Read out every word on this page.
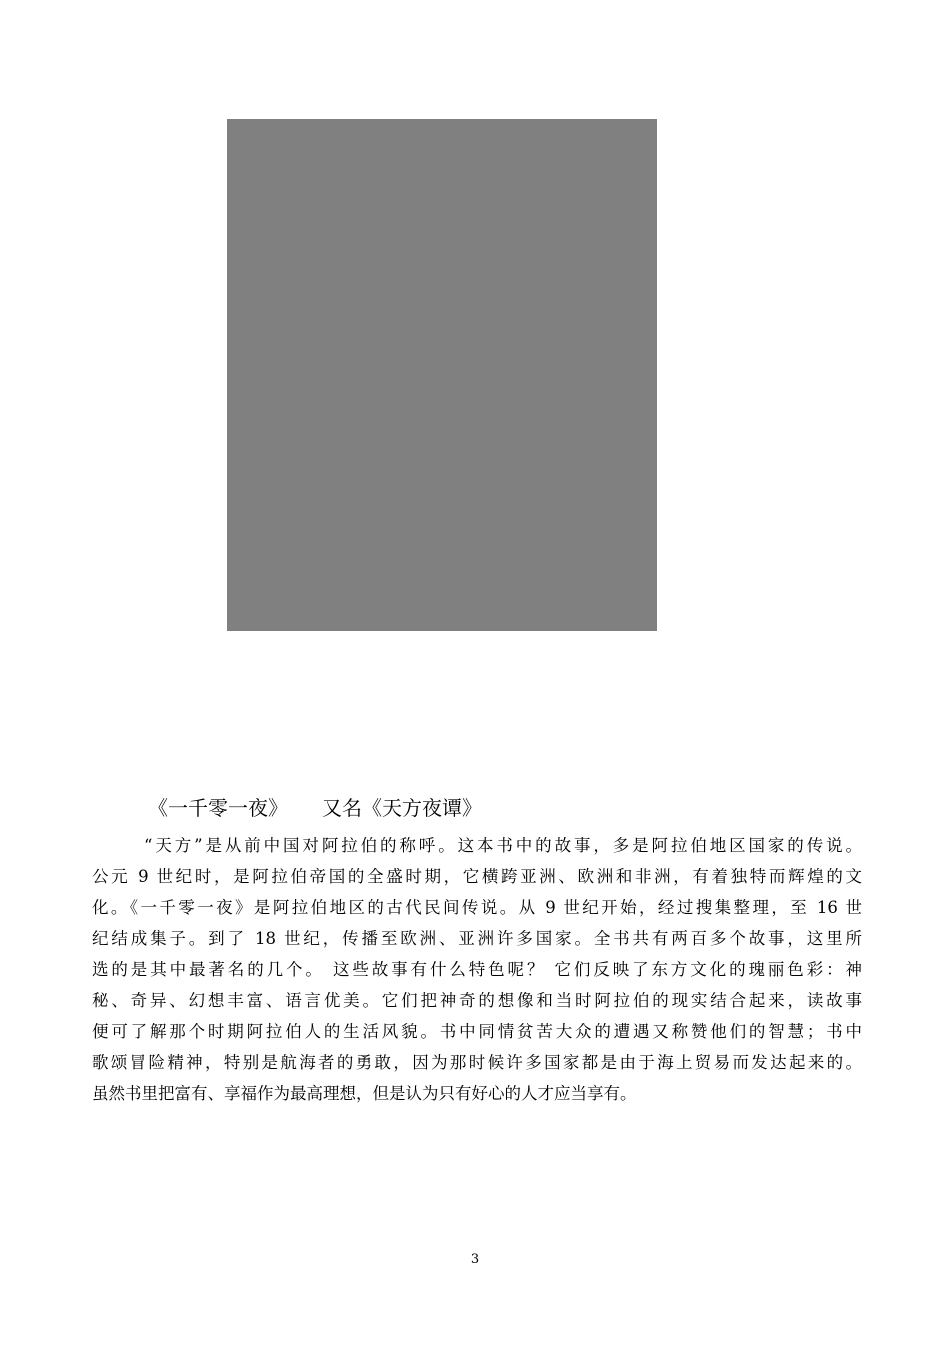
《一千零一夜》 又名《天方夜谭》
“天方”是从前中国对阿拉伯的称呼。这本书中的故事，多是阿拉伯地区国家的传说。
公元 9 世纪时，是阿拉伯帝国的全盛时期，它横跨亚洲、欧洲和非洲，有着独特而辉煌的文
化。《一千零一夜》是阿拉伯地区的古代民间传说。从 9 世纪开始，经过搜集整理，至 16 世
纪结成集子。到了 18 世纪，传播至欧洲、亚洲许多国家。全书共有两百多个故事，这里所
选的是其中最著名的几个。 这些故事有什么特色呢？ 它们反映了东方文化的瑰丽色彩：神
秘、奇异、幻想丰富、语言优美。它们把神奇的想像和当时阿拉伯的现实结合起来，读故事
便可了解那个时期阿拉伯人的生活风貌。书中同情贫苦大众的遭遇又称赞他们的智慧；书中
歌颂冒险精神，特别是航海者的勇敢，因为那时候许多国家都是由于海上贸易而发达起来的。
虽然书里把富有、享福作为最高理想，但是认为只有好心的人才应当享有。
3
